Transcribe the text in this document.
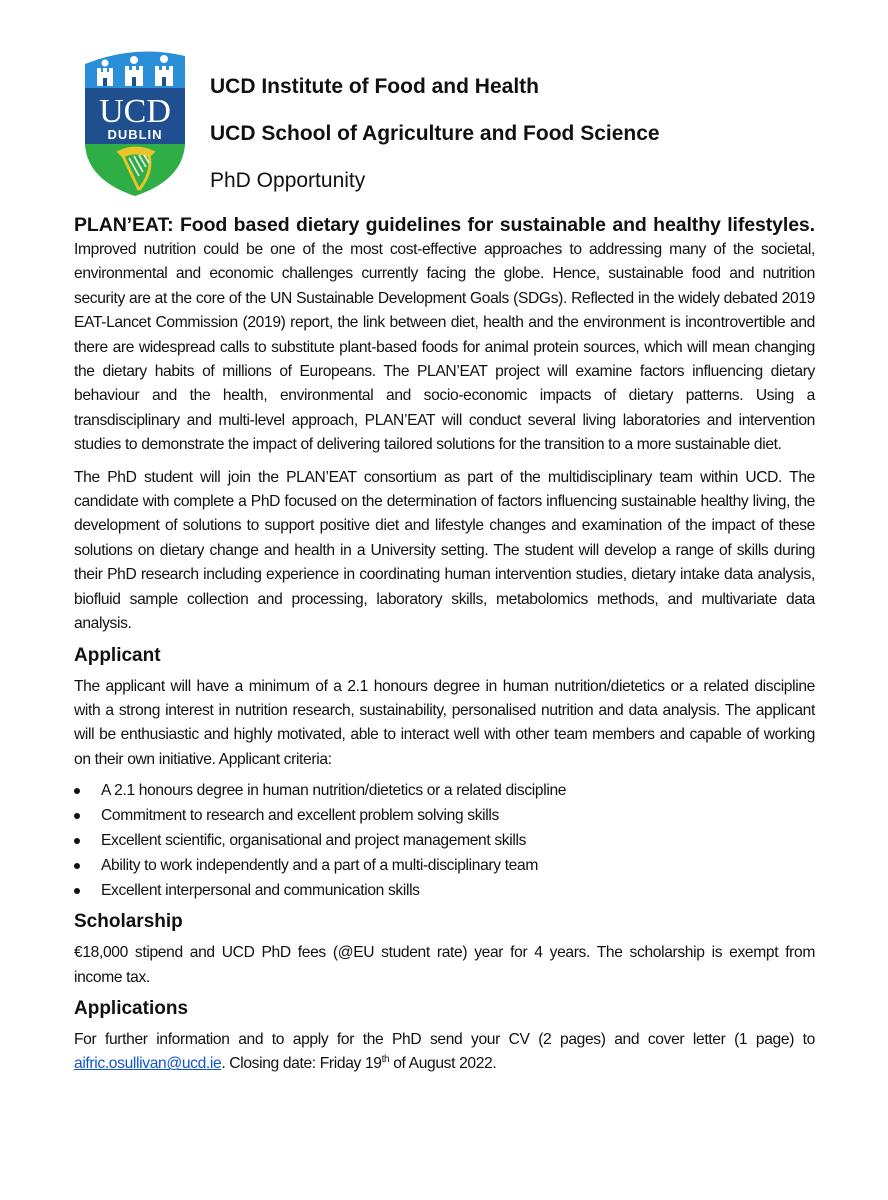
UCD
DUBLIN
UCD Institute of Food and Health
UCD School of Agriculture and Food Science
PhD Opportunity
PLAN’EAT: Food based dietary guidelines for sustainable and healthy lifestyles.

Improved nutrition could be one of the most cost-effective approaches to addressing many of the societal, environmental and economic challenges currently facing the globe. Hence, sustainable food and nutrition security are at the core of the UN Sustainable Development Goals (SDGs). Reflected in the widely debated 2019 EAT-Lancet Commission (2019) report, the link between diet, health and the environment is incontrovertible and there are widespread calls to substitute plant-based foods for animal protein sources, which will mean changing the dietary habits of millions of Europeans. The PLAN’EAT project will examine factors influencing dietary behaviour and the health, environmental and socio-economic impacts of dietary patterns. Using a transdisciplinary and multi-level approach, PLAN’EAT will conduct several living laboratories and intervention studies to demonstrate the impact of delivering tailored solutions for the transition to a more sustainable diet.

The PhD student will join the PLAN’EAT consortium as part of the multidisciplinary team within UCD. The candidate with complete a PhD focused on the determination of factors influencing sustainable healthy living, the development of solutions to support positive diet and lifestyle changes and examination of the impact of these solutions on dietary change and health in a University setting. The student will develop a range of skills during their PhD research including experience in coordinating human intervention studies, dietary intake data analysis, biofluid sample collection and processing, laboratory skills, metabolomics methods, and multivariate data analysis.

Applicant

The applicant will have a minimum of a 2.1 honours degree in human nutrition/dietetics or a related discipline with a strong interest in nutrition research, sustainability, personalised nutrition and data analysis. The applicant will be enthusiastic and highly motivated, able to interact well with other team members and capable of working on their own initiative. Applicant criteria:

A 2.1 honours degree in human nutrition/dietetics or a related discipline
Commitment to research and excellent problem solving skills
Excellent scientific, organisational and project management skills
Ability to work independently and a part of a multi-disciplinary team
Excellent interpersonal and communication skills
Scholarship

€18,000 stipend and UCD PhD fees (@EU student rate) year for 4 years. The scholarship is exempt from income tax.

Applications

For further information and to apply for the PhD send your CV (2 pages) and cover letter (1 page) to aifric.osullivan@ucd.ie. Closing date: Friday 19th of August 2022.
